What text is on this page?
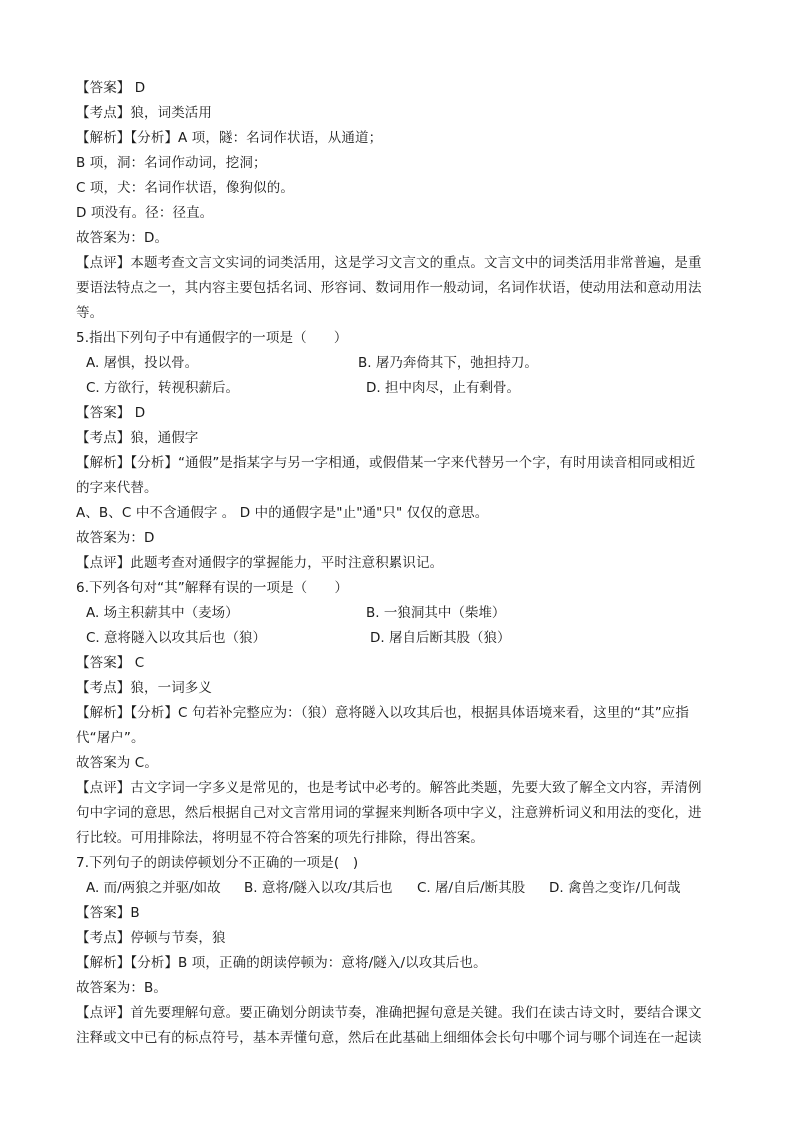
【答案】 D
【考点】狼，词类活用
【解析】【分析】A 项，隧：名词作状语，从通道；
B 项，洞：名词作动词，挖洞；
C 项，犬：名词作状语，像狗似的。
D 项没有。径：径直。
故答案为：D。
【点评】本题考查文言文实词的词类活用，这是学习文言文的重点。文言文中的词类活用非常普遍，是重
要语法特点之一，其内容主要包括名词、形容词、数词用作一般动词，名词作状语，使动用法和意动用法
等。
5.指出下列句子中有通假字的一项是（　　）
A. 屠惧，投以骨。	B. 屠乃奔倚其下，弛担持刀。
C. 方欲行，转视积薪后。	D. 担中肉尽，止有剩骨。
【答案】 D
【考点】狼，通假字
【解析】【分析】“通假”是指某字与另一字相通，或假借某一字来代替另一个字，有时用读音相同或相近
的字来代替。
A、B、C 中不含通假字 。 D 中的通假字是"止"通"只" 仅仅的意思。
故答案为：D
【点评】此题考查对通假字的掌握能力，平时注意积累识记。
6.下列各句对“其”解释有误的一项是（　　）
A. 场主积薪其中（麦场）	B. 一狼洞其中（柴堆）
C. 意将隧入以攻其后也（狼）	D. 屠自后断其股（狼）
【答案】 C
【考点】狼，一词多义
【解析】【分析】C 句若补完整应为：（狼）意将隧入以攻其后也，根据具体语境来看，这里的“其”应指
代“屠户”。
故答案为 C。
【点评】古文字词一字多义是常见的，也是考试中必考的。解答此类题，先要大致了解全文内容，弄清例
句中字词的意思，然后根据自己对文言常用词的掌握来判断各项中字义，注意辨析词义和用法的变化，进
行比较。可用排除法，将明显不符合答案的项先行排除，得出答案。
7.下列句子的朗读停顿划分不正确的一项是(　)
A. 而/两狼之并驱/如故 B. 意将/隧入以攻/其后也 C. 屠/自后/断其股 D. 禽兽之变诈/几何哉
【答案】B
【考点】停顿与节奏，狼
【解析】【分析】B 项，正确的朗读停顿为：意将/隧入/以攻其后也。
故答案为：B。
【点评】首先要理解句意。要正确划分朗读节奏，准确把握句意是关键。我们在读古诗文时，要结合课文
注释或文中已有的标点符号，基本弄懂句意，然后在此基础上细细体会长句中哪个词与哪个词连在一起读
